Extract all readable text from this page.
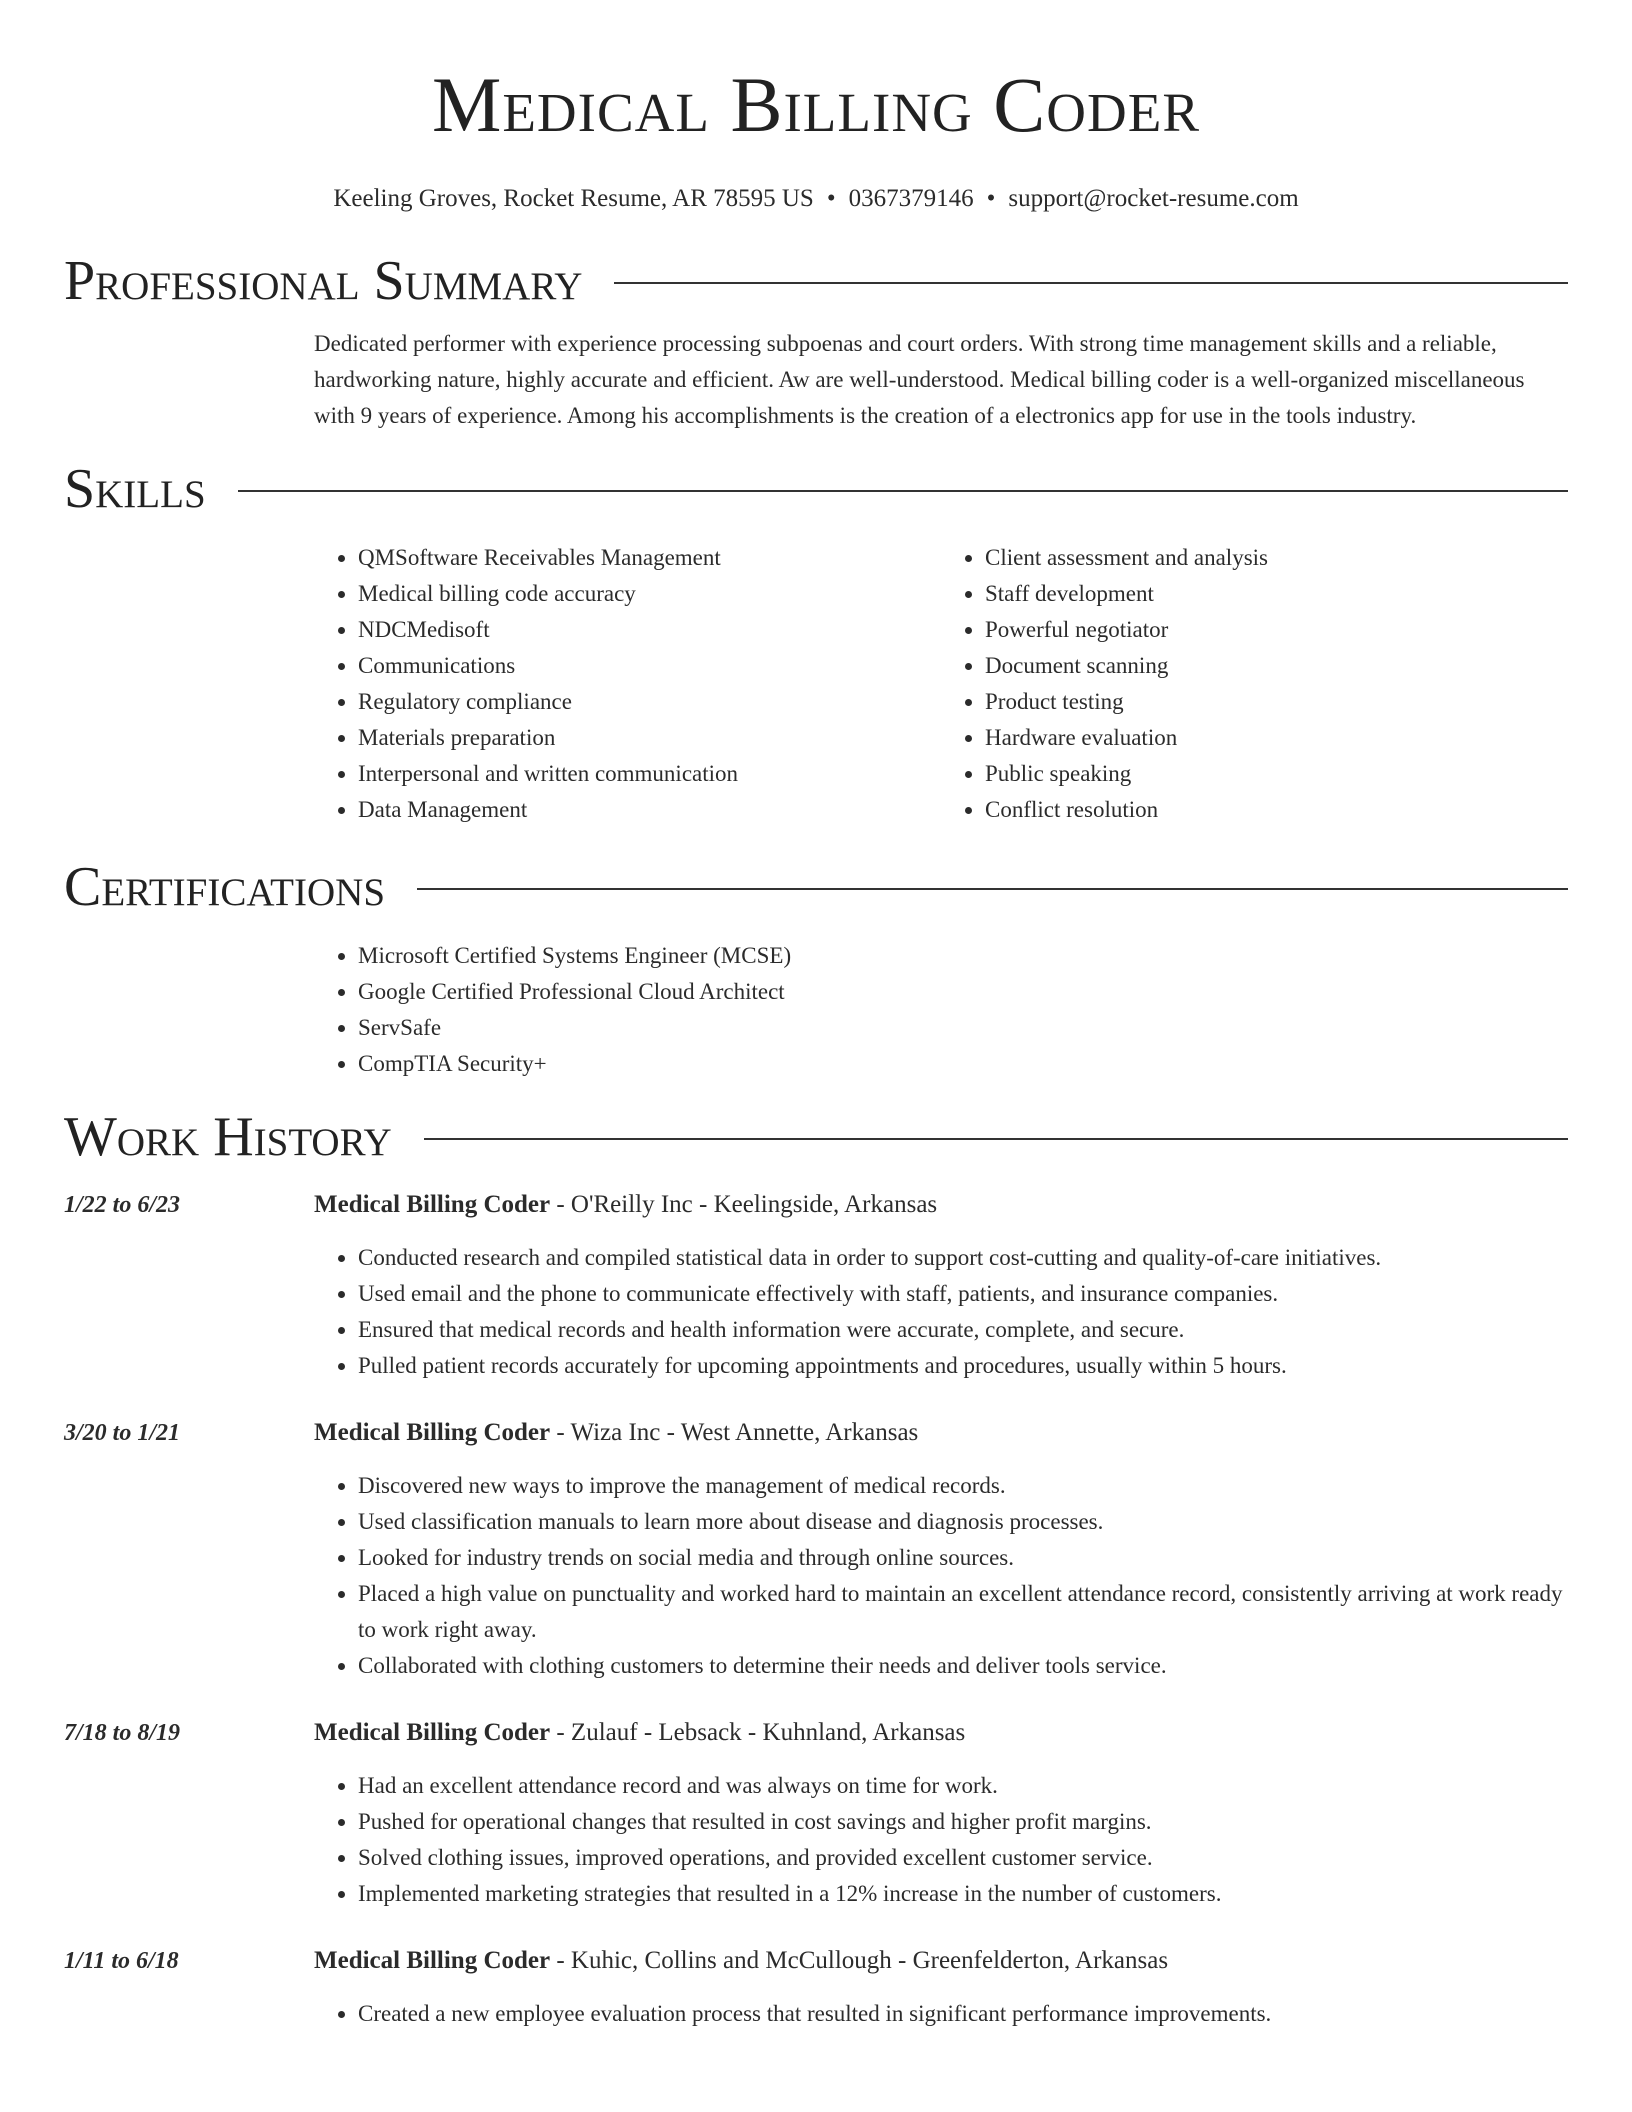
Medical Billing Coder
Keeling Groves, Rocket Resume, AR 78595 US • 0367379146 • support@rocket-resume.com
Professional Summary
Dedicated performer with experience processing subpoenas and court orders. With strong time management skills and a reliable, hardworking nature, highly accurate and efficient. Aw are well-understood. Medical billing coder is a well-organized miscellaneous with 9 years of experience. Among his accomplishments is the creation of a electronics app for use in the tools industry.
Skills
• QMSoftware Receivables Management
• Medical billing code accuracy
• NDCMedisoft
• Communications
• Regulatory compliance
• Materials preparation
• Interpersonal and written communication
• Data Management
• Client assessment and analysis
• Staff development
• Powerful negotiator
• Document scanning
• Product testing
• Hardware evaluation
• Public speaking
• Conflict resolution
Certifications
• Microsoft Certified Systems Engineer (MCSE)
• Google Certified Professional Cloud Architect
• ServSafe
• CompTIA Security+
Work History
1/22 to 6/23	Medical Billing Coder - O'Reilly Inc - Keelingside, Arkansas
• Conducted research and compiled statistical data in order to support cost-cutting and quality-of-care initiatives.
• Used email and the phone to communicate effectively with staff, patients, and insurance companies.
• Ensured that medical records and health information were accurate, complete, and secure.
• Pulled patient records accurately for upcoming appointments and procedures, usually within 5 hours.
3/20 to 1/21	Medical Billing Coder - Wiza Inc - West Annette, Arkansas
• Discovered new ways to improve the management of medical records.
• Used classification manuals to learn more about disease and diagnosis processes.
• Looked for industry trends on social media and through online sources.
• Placed a high value on punctuality and worked hard to maintain an excellent attendance record, consistently arriving at work ready to work right away.
• Collaborated with clothing customers to determine their needs and deliver tools service.
7/18 to 8/19	Medical Billing Coder - Zulauf - Lebsack - Kuhnland, Arkansas
• Had an excellent attendance record and was always on time for work.
• Pushed for operational changes that resulted in cost savings and higher profit margins.
• Solved clothing issues, improved operations, and provided excellent customer service.
• Implemented marketing strategies that resulted in a 12% increase in the number of customers.
1/11 to 6/18	Medical Billing Coder - Kuhic, Collins and McCullough - Greenfelderton, Arkansas
• Created a new employee evaluation process that resulted in significant performance improvements.
